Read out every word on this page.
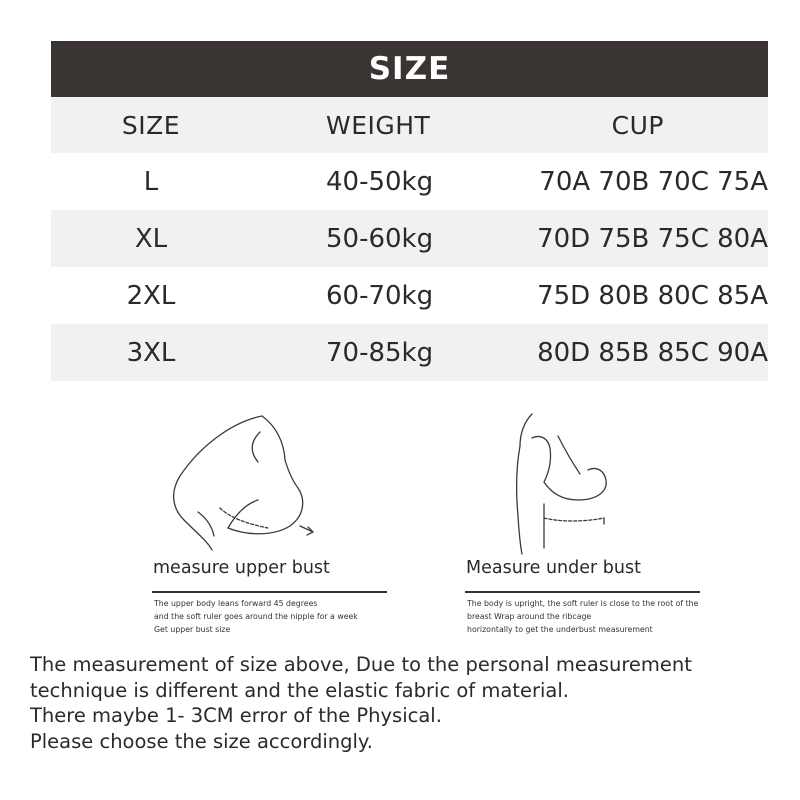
SIZE
SIZE	WEIGHT	CUP
L	40-50kg	70A 70B 70C 75A
XL	50-60kg	70D 75B 75C 80A
2XL	60-70kg	75D 80B 80C 85A
3XL	70-85kg	80D 85B 85C 90A
measure upper bust
The upper body leans forward 45 degrees
and the soft ruler goes around the nipple for a week
Get upper bust size
Measure under bust
The body is upright, the soft ruler is close to the root of the
breast Wrap around the ribcage
horizontally to get the underbust measurement
The measurement of size above, Due to the personal measurement
technique is different and the elastic fabric of material.
There maybe 1- 3CM error of the Physical.
Please choose the size accordingly.
